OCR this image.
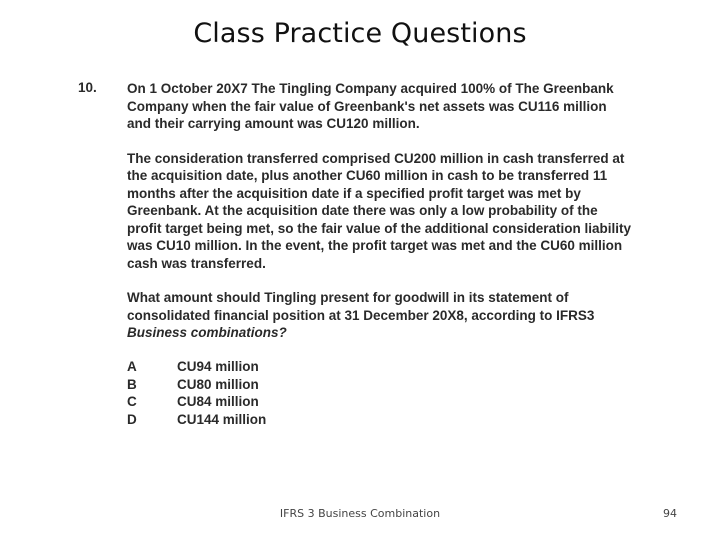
Class Practice Questions
10. On 1 October 20X7 The Tingling Company acquired 100% of The Greenbank
Company when the fair value of Greenbank's net assets was CU116 million
and their carrying amount was CU120 million.
The consideration transferred comprised CU200 million in cash transferred at
the acquisition date, plus another CU60 million in cash to be transferred 11
months after the acquisition date if a specified profit target was met by
Greenbank. At the acquisition date there was only a low probability of the
profit target being met, so the fair value of the additional consideration liability
was CU10 million. In the event, the profit target was met and the CU60 million
cash was transferred.
What amount should Tingling present for goodwill in its statement of
consolidated financial position at 31 December 20X8, according to IFRS3
Business combinations?
A	CU94 million
B	CU80 million
C	CU84 million
D	CU144 million
IFRS 3 Business Combination	94
